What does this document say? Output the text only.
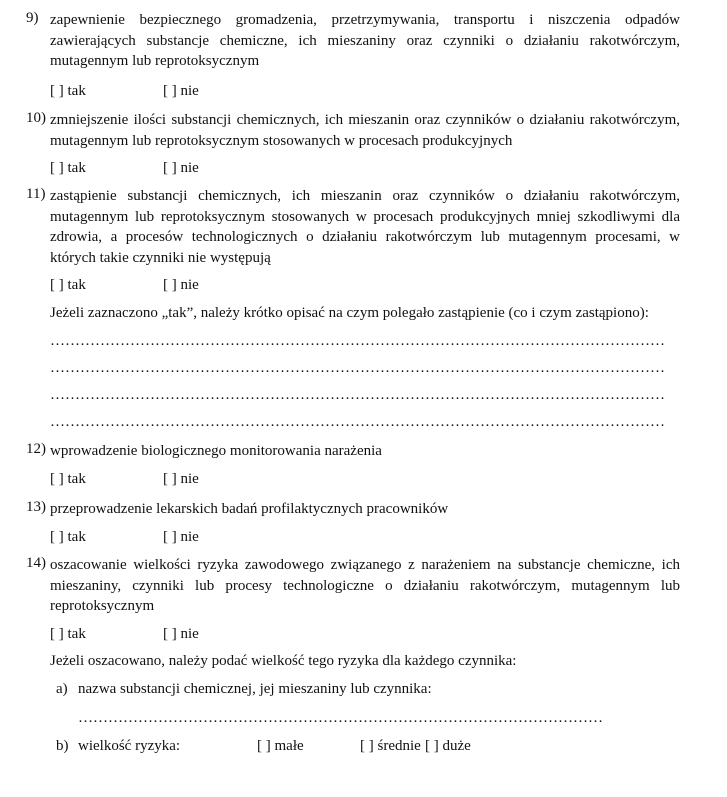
9) zapewnienie bezpiecznego gromadzenia, przetrzymywania, transportu i niszczenia odpadów zawierających substancje chemiczne, ich mieszaniny oraz czynniki o działaniu rakotwórczym, mutagennym lub reprotoksycznym
[ ] tak	[ ] nie
10) zmniejszenie ilości substancji chemicznych, ich mieszanin oraz czynników o działaniu rakotwórczym, mutagennym lub reprotoksycznym stosowanych w procesach produkcyjnych
[ ] tak	[ ] nie
11) zastąpienie substancji chemicznych, ich mieszanin oraz czynników o działaniu rakotwórczym, mutagennym lub reprotoksycznym stosowanych w procesach produkcyjnych mniej szkodliwymi dla zdrowia, a procesów technologicznych o działaniu rakotwórczym lub mutagennym procesami, w których takie czynniki nie występują
[ ] tak	[ ] nie
Jeżeli zaznaczono „tak”, należy krótko opisać na czym polegało zastąpienie (co i czym zastąpiono):
……………………………………………………………………………………………………………
……………………………………………………………………………………………………………
……………………………………………………………………………………………………………
……………………………………………………………………………………………………………
12) wprowadzenie biologicznego monitorowania narażenia
[ ] tak	[ ] nie
13) przeprowadzenie lekarskich badań profilaktycznych pracowników
[ ] tak	[ ] nie
14) oszacowanie wielkości ryzyka zawodowego związanego z narażeniem na substancje chemiczne, ich mieszaniny, czynniki lub procesy technologiczne o działaniu rakotwórczym, mutagennym lub reprotoksycznym
[ ] tak	[ ] nie
Jeżeli oszacowano, należy podać wielkość tego ryzyka dla każdego czynnika:
a) nazwa substancji chemicznej, jej mieszaniny lub czynnika:
……………………………………………………………………………………………
b) wielkość ryzyka:	[ ] małe	[ ] średnie [ ] duże
